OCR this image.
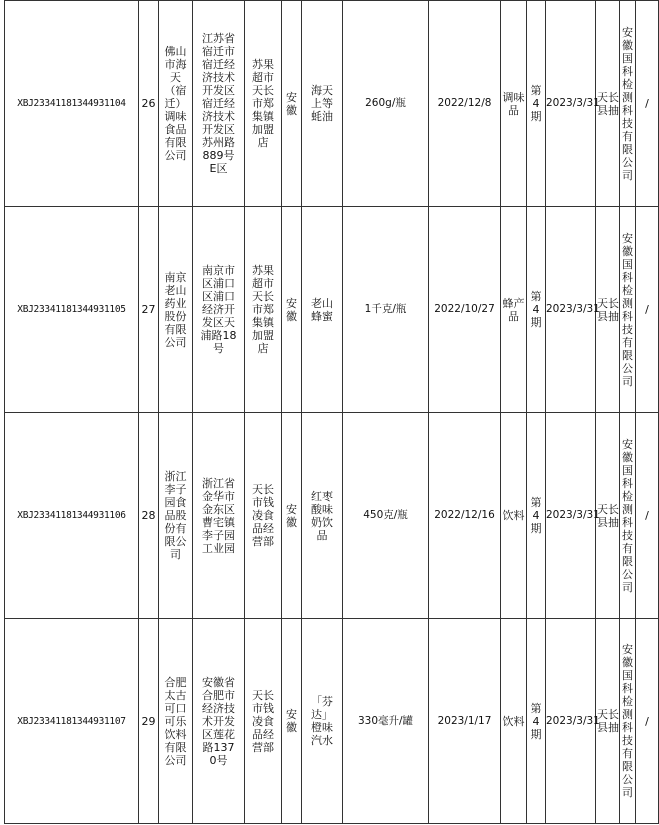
XBJ23341181344931104	26	佛山市海天（宿迁）调味食品有限公司	江苏省宿迁市宿迁经济技术开发区宿迁经济技术开发区苏州路889号E区	苏果超市天长市郑集镇加盟店	安徽	海天上等蚝油	260g/瓶	2022/12/8	调味品	第4期	2023/3/31	天长县抽	安徽国科检测科技有限公司	/
XBJ23341181344931105	27	南京老山药业股份有限公司	南京市区浦口区浦口经济开发区天浦路18号	苏果超市天长市郑集镇加盟店	安徽	老山蜂蜜	1千克/瓶	2022/10/27	蜂产品	第4期	2023/3/31	天长县抽	安徽国科检测科技有限公司	/
XBJ23341181344931106	28	浙江李子园食品股份有限公司	浙江省金华市金东区曹宅镇李子园工业园	天长市钱凌食品经营部	安徽	红枣酸味奶饮品	450克/瓶	2022/12/16	饮料	第4期	2023/3/31	天长县抽	安徽国科检测科技有限公司	/
XBJ23341181344931107	29	合肥太古可口可乐饮料有限公司	安徽省合肥市经济技术开发区莲花路1370号	天长市钱凌食品经营部	安徽	「芬达」橙味汽水	330毫升/罐	2023/1/17	饮料	第4期	2023/3/31	天长县抽	安徽国科检测科技有限公司	/
